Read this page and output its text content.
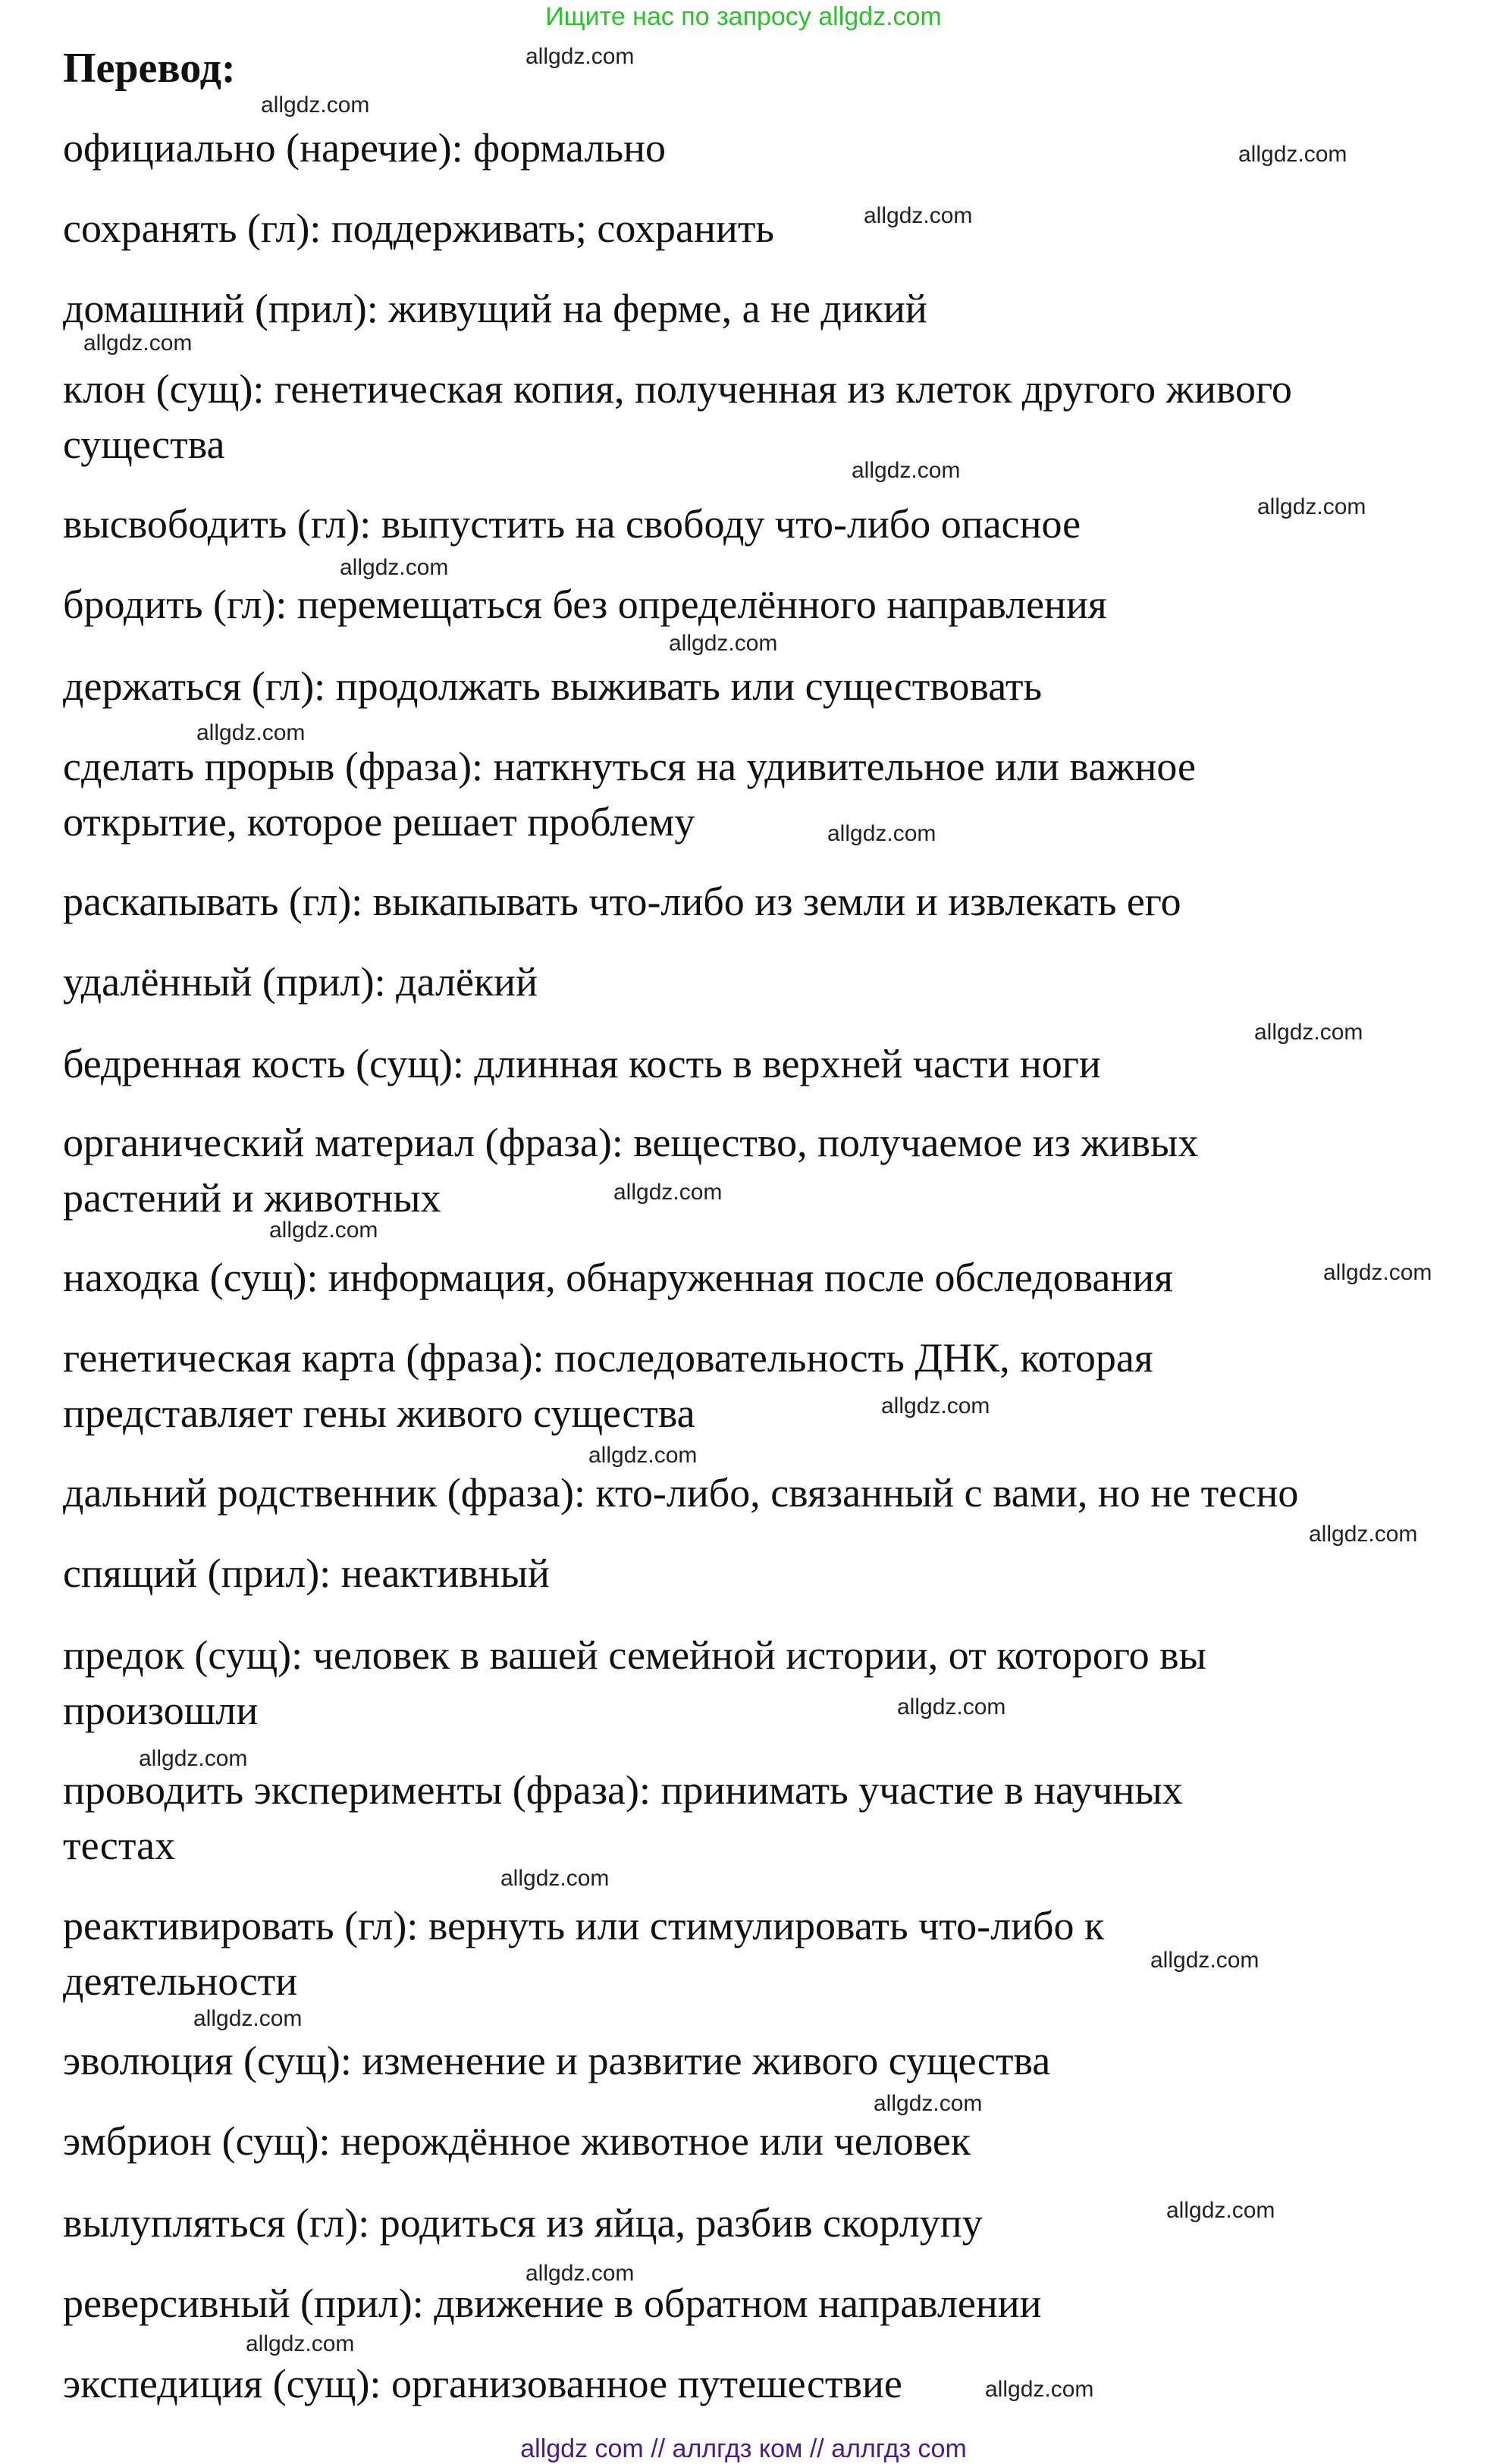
Ищите нас по запросу allgdz.com
Перевод:
официально (наречие): формально
сохранять (гл): поддерживать; сохранить
домашний (прил): живущий на ферме, а не дикий
клон (сущ): генетическая копия, полученная из клеток другого живого
существа
высвободить (гл): выпустить на свободу что-либо опасное
бродить (гл): перемещаться без определённого направления
держаться (гл): продолжать выживать или существовать
сделать прорыв (фраза): наткнуться на удивительное или важное
открытие, которое решает проблему
раскапывать (гл): выкапывать что-либо из земли и извлекать его
удалённый (прил): далёкий
бедренная кость (сущ): длинная кость в верхней части ноги
органический материал (фраза): вещество, получаемое из живых
растений и животных
находка (сущ): информация, обнаруженная после обследования
генетическая карта (фраза): последовательность ДНК, которая
представляет гены живого существа
дальний родственник (фраза): кто-либо, связанный с вами, но не тесно
спящий (прил): неактивный
предок (сущ): человек в вашей семейной истории, от которого вы
произошли
проводить эксперименты (фраза): принимать участие в научных
тестах
реактивировать (гл): вернуть или стимулировать что-либо к
деятельности
эволюция (сущ): изменение и развитие живого существа
эмбрион (сущ): нерождённое животное или человек
вылупляться (гл): родиться из яйца, разбив скорлупу
реверсивный (прил): движение в обратном направлении
экспедиция (сущ): организованное путешествие
allgdz.com
allgdz.com
allgdz.com
allgdz.com
allgdz.com
allgdz.com
allgdz.com
allgdz.com
allgdz.com
allgdz.com
allgdz.com
allgdz.com
allgdz.com
allgdz.com
allgdz.com
allgdz.com
allgdz.com
allgdz.com
allgdz.com
allgdz.com
allgdz.com
allgdz.com
allgdz.com
allgdz.com
allgdz.com
allgdz.com
allgdz.com
allgdz.com
allgdz com // аллгдз ком // аллгдз com
